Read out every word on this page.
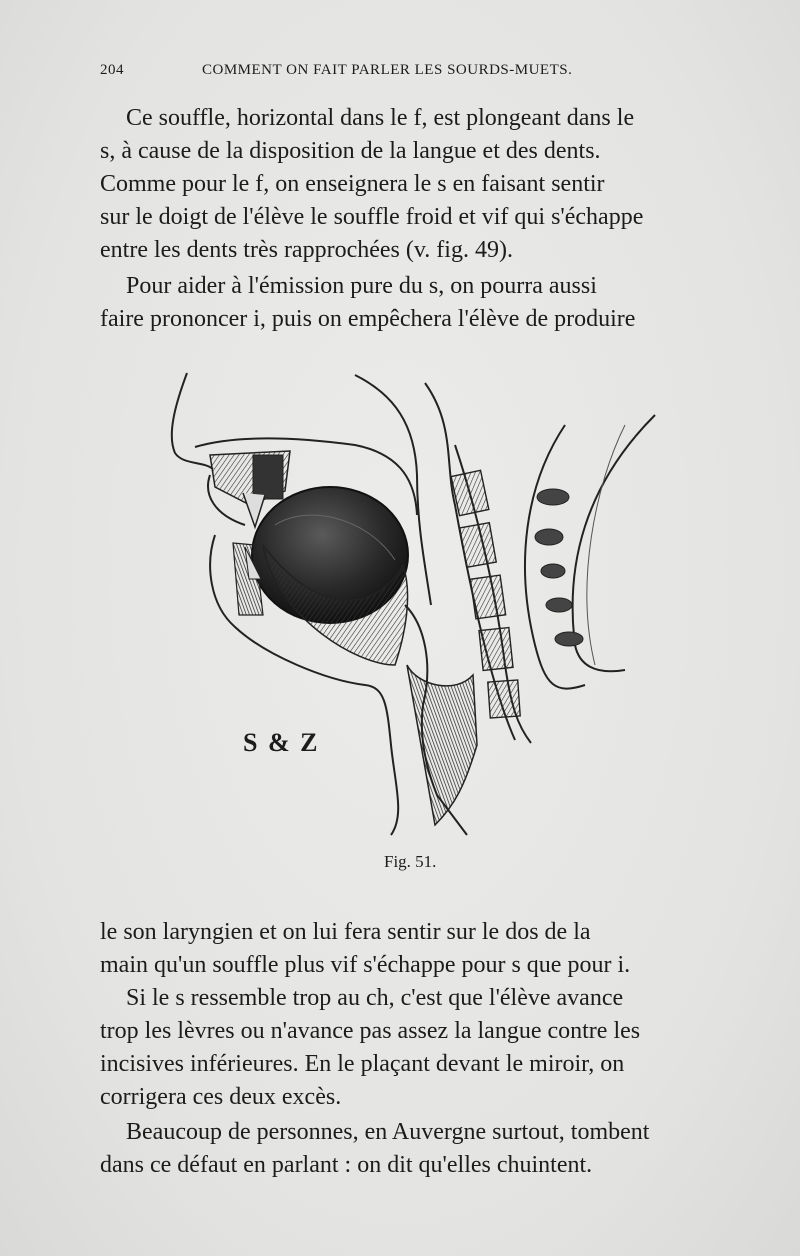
204	COMMENT ON FAIT PARLER LES SOURDS-MUETS.
Ce souffle, horizontal dans le f, est plongeant dans le
s, à cause de la disposition de la langue et des dents.
Comme pour le f, on enseignera le s en faisant sentir
sur le doigt de l'élève le souffle froid et vif qui s'échappe
entre les dents très rapprochées (v. fig. 49).
Pour aider à l'émission pure du s, on pourra aussi
faire prononcer i, puis on empêchera l'élève de produire
S & Z
Fig. 51.
le son laryngien et on lui fera sentir sur le dos de la
main qu'un souffle plus vif s'échappe pour s que pour i.
Si le s ressemble trop au ch, c'est que l'élève avance
trop les lèvres ou n'avance pas assez la langue contre les
incisives inférieures. En le plaçant devant le miroir, on
corrigera ces deux excès.
Beaucoup de personnes, en Auvergne surtout, tombent
dans ce défaut en parlant : on dit qu'elles chuintent.
